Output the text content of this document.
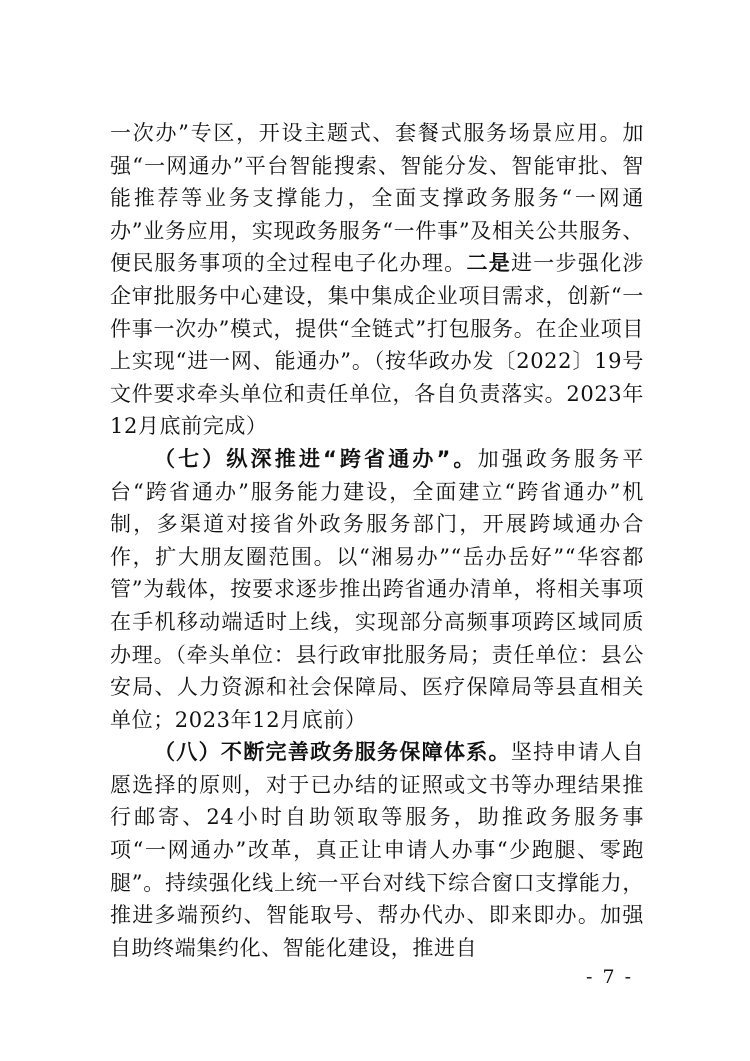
一次办”专区，开设主题式、套餐式服务场景应用。加强“一网通办”平台智能搜索、智能分发、智能审批、智能推荐等业务支撑能力，全面支撑政务服务“一网通办”业务应用，实现政务服务“一件事”及相关公共服务、便民服务事项的全过程电子化办理。二是进一步强化涉企审批服务中心建设，集中集成企业项目需求，创新“一件事一次办”模式，提供“全链式”打包服务。在企业项目上实现“进一网、能通办”。（按华政办发〔2022〕19号文件要求牵头单位和责任单位，各自负责落实。2023年12月底前完成）

（七）纵深推进“跨省通办”。加强政务服务平台“跨省通办”服务能力建设，全面建立“跨省通办”机制，多渠道对接省外政务服务部门，开展跨域通办合作，扩大朋友圈范围。以“湘易办”“岳办岳好”“华容都管”为载体，按要求逐步推出跨省通办清单，将相关事项在手机移动端适时上线，实现部分高频事项跨区域同质办理。（牵头单位：县行政审批服务局；责任单位：县公安局、人力资源和社会保障局、医疗保障局等县直相关单位；2023年12月底前）

（八）不断完善政务服务保障体系。坚持申请人自愿选择的原则，对于已办结的证照或文书等办理结果推行邮寄、24小时自助领取等服务，助推政务服务事项“一网通办”改革，真正让申请人办事“少跑腿、零跑腿”。持续强化线上统一平台对线下综合窗口支撑能力，推进多端预约、智能取号、帮办代办、即来即办。加强自助终端集约化、智能化建设，推进自

- 7 -
